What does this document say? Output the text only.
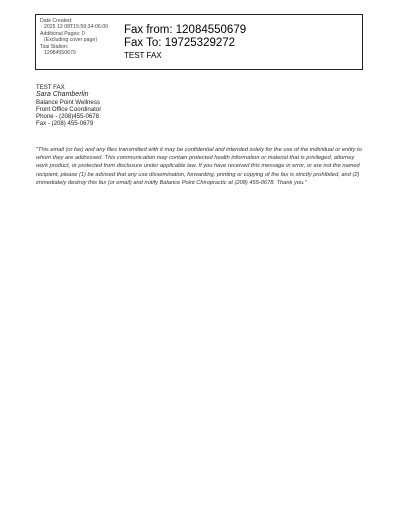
Date Created:
2025 12 08T15:59:34-06:00
Additional Pages: 0
(Excluding cover page)
Tsai Station:
12084550679
Fax from: 12084550679
Fax To: 19725329272
TEST FAX
TEST FAX
Sara Chamberlin
Balance Point Wellness
Front Office Coordinator
Phone - (208)455-0678
Fax - (208) 455-0679
"This email (or fax) and any files transmitted with it may be confidential and intended solely for the use of the individual or entity to whom they are addressed. This communication may contain protected health information or material that is privileged, attorney work product, or protected from disclosure under applicable law. If you have received this message in error, or are not the named recipient, please (1) be advised that any use dissemination, forwarding, printing or copying of the fax is strictly prohibited, and (2) immediately destroy this fax (or email) and notify Balance Point Chiropractic at (208) 455-0678. Thank you."
